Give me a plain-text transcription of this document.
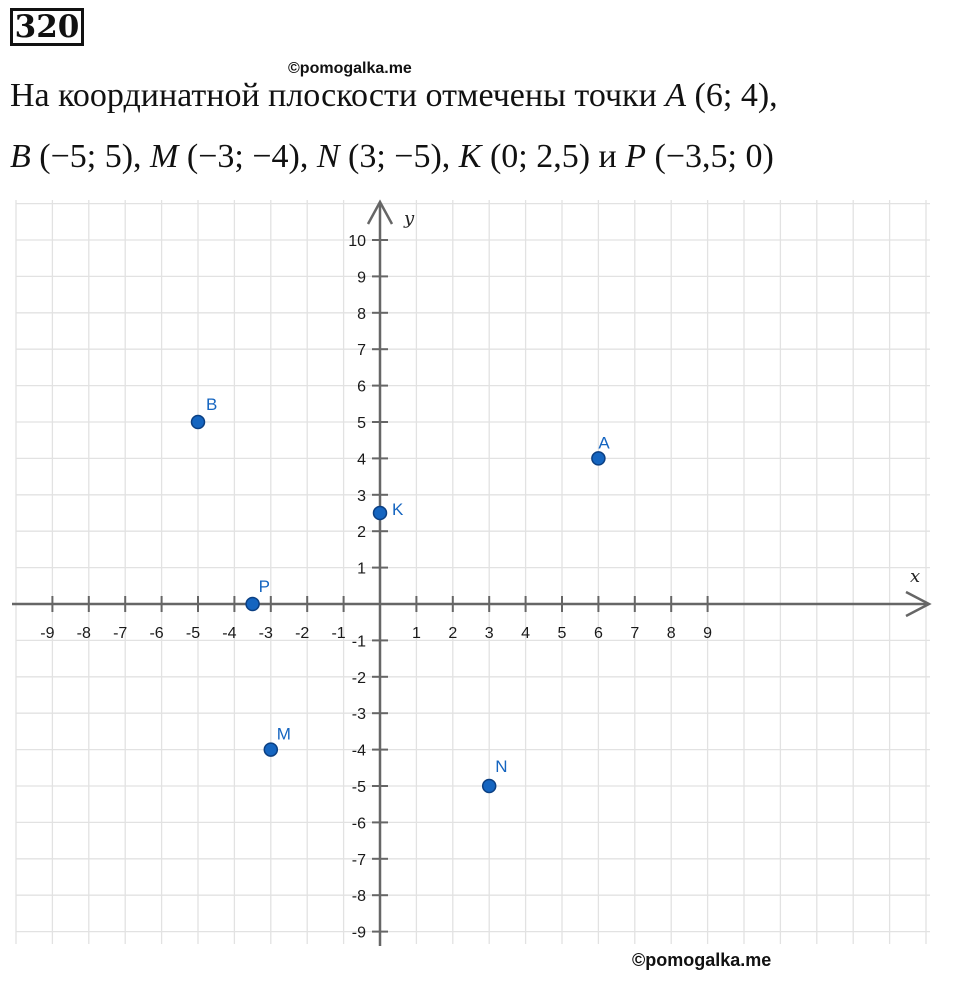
320
©pomogalka.me
На координатной плоскости отмечены точки A (6; 4),
B (−5; 5), M (−3; −4), N (3; −5), K (0; 2,5) и P (−3,5; 0)
x
y
-9 -8 -7 -6 -5 -4 -3 -2 -1	1 2 3 4 5 6 7 8 9
10
9
8
7
6
5
4
3
2
1
-1
-2
-3
-4
-5
-6
-7
-8
-9
A
B
M
N
K
P
©pomogalka.me
